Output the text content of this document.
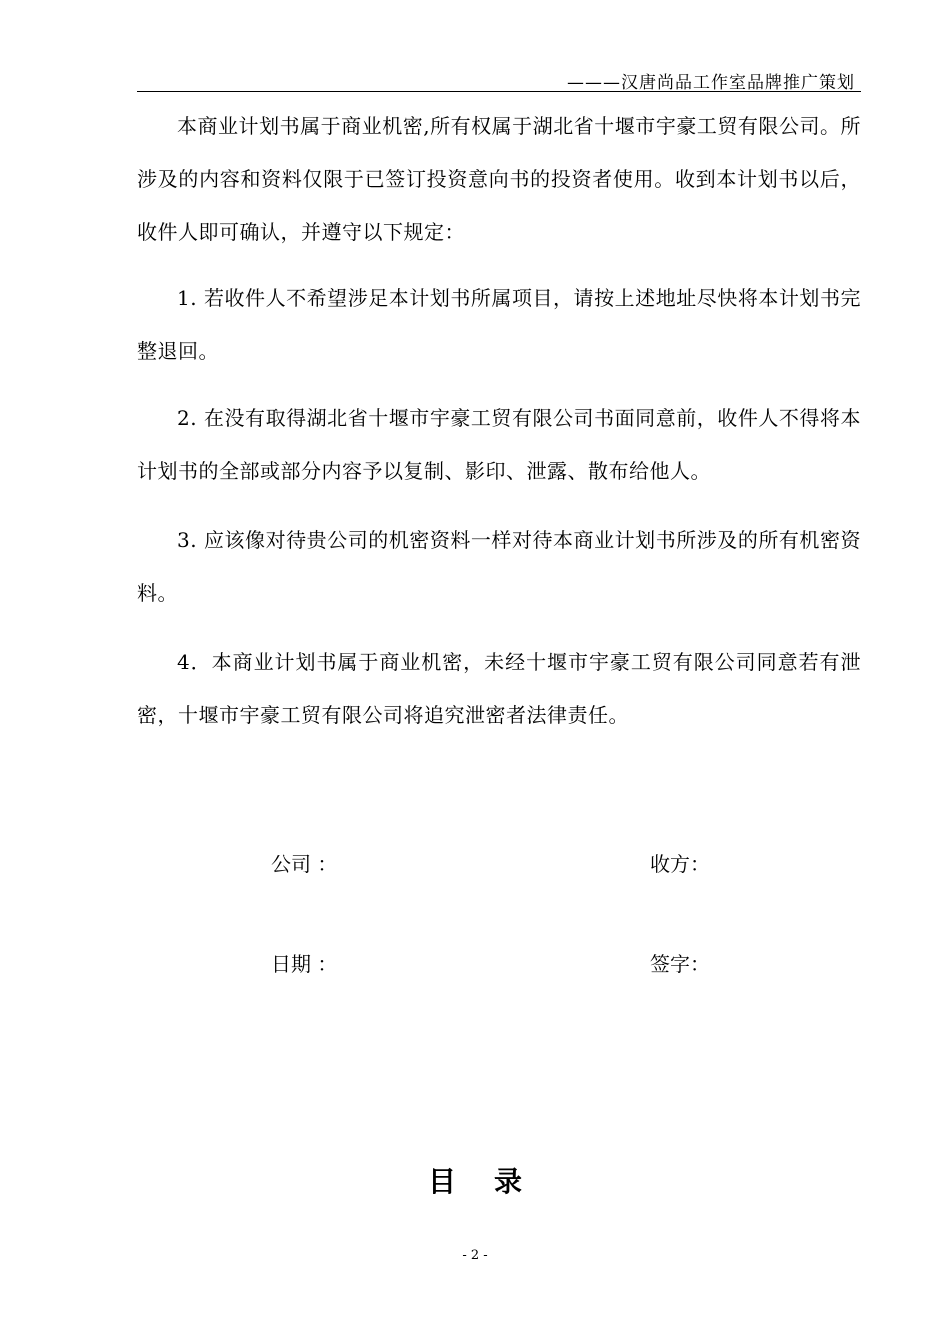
———汉唐尚品工作室品牌推广策划

本商业计划书属于商业机密,所有权属于湖北省十堰市宇豪工贸有限公司。所涉及的内容和资料仅限于已签订投资意向书的投资者使用。收到本计划书以后，收件人即可确认，并遵守以下规定：

1. 若收件人不希望涉足本计划书所属项目，请按上述地址尽快将本计划书完整退回。

2. 在没有取得湖北省十堰市宇豪工贸有限公司书面同意前，收件人不得将本计划书的全部或部分内容予以复制、影印、泄露、散布给他人。

3. 应该像对待贵公司的机密资料一样对待本商业计划书所涉及的所有机密资料。

4．本商业计划书属于商业机密，未经十堰市宇豪工贸有限公司同意若有泄密，十堰市宇豪工贸有限公司将追究泄密者法律责任。

公司 ：	收方：
日期 ：	签字：
目录
- 2 -
